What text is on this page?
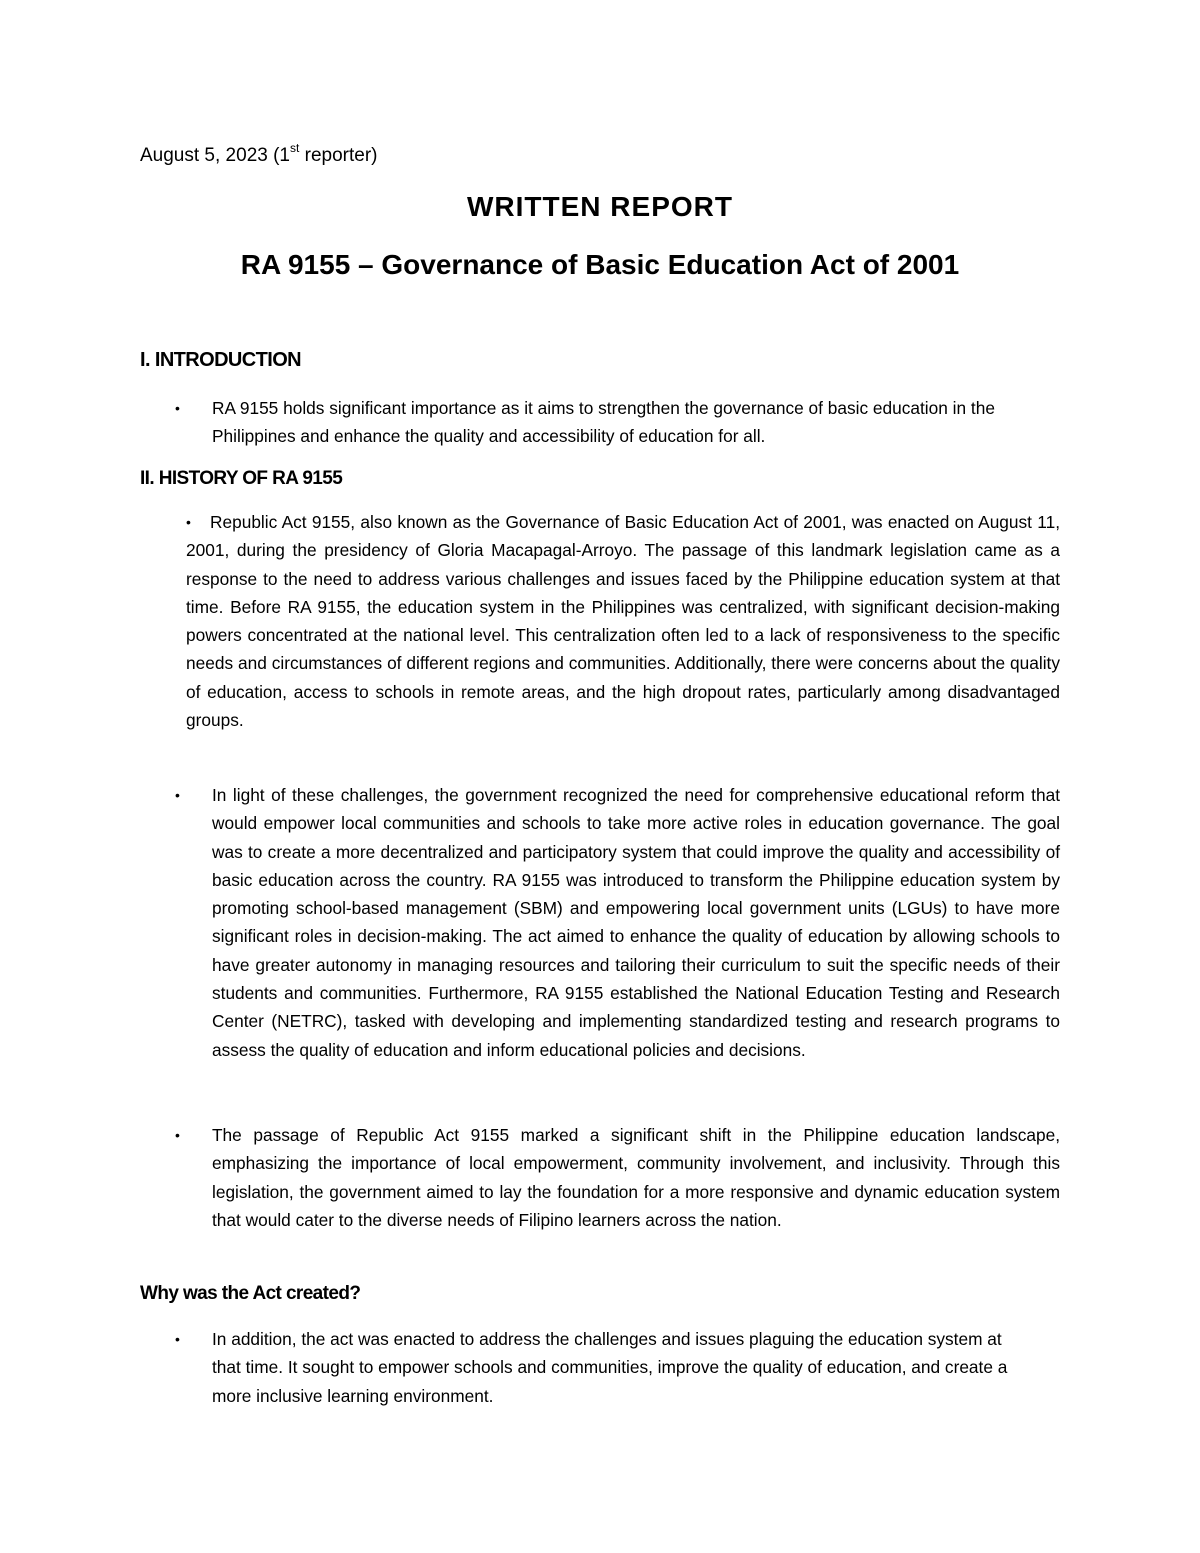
August 5, 2023 (1st reporter)
WRITTEN REPORT
RA 9155 – Governance of Basic Education Act of 2001
I. INTRODUCTION
• RA 9155 holds significant importance as it aims to strengthen the governance of basic education in the Philippines and enhance the quality and accessibility of education for all.
II. HISTORY OF RA 9155
•	Republic Act 9155, also known as the Governance of Basic Education Act of 2001, was enacted on August 11, 2001, during the presidency of Gloria Macapagal-Arroyo. The passage of this landmark legislation came as a response to the need to address various challenges and issues faced by the Philippine education system at that time. Before RA 9155, the education system in the Philippines was centralized, with significant decision-making powers concentrated at the national level. This centralization often led to a lack of responsiveness to the specific needs and circumstances of different regions and communities. Additionally, there were concerns about the quality of education, access to schools in remote areas, and the high dropout rates, particularly among disadvantaged groups.

• In light of these challenges, the government recognized the need for comprehensive educational reform that would empower local communities and schools to take more active roles in education governance. The goal was to create a more decentralized and participatory system that could improve the quality and accessibility of basic education across the country. RA 9155 was introduced to transform the Philippine education system by promoting school-based management (SBM) and empowering local government units (LGUs) to have more significant roles in decision-making. The act aimed to enhance the quality of education by allowing schools to have greater autonomy in managing resources and tailoring their curriculum to suit the specific needs of their students and communities. Furthermore, RA 9155 established the National Education Testing and Research Center (NETRC), tasked with developing and implementing standardized testing and research programs to assess the quality of education and inform educational policies and decisions.
• The passage of Republic Act 9155 marked a significant shift in the Philippine education landscape, emphasizing the importance of local empowerment, community involvement, and inclusivity. Through this legislation, the government aimed to lay the foundation for a more responsive and dynamic education system that would cater to the diverse needs of Filipino learners across the nation.
Why was the Act created?
• In addition, the act was enacted to address the challenges and issues plaguing the education system at that time. It sought to empower schools and communities, improve the quality of education, and create a more inclusive learning environment.
